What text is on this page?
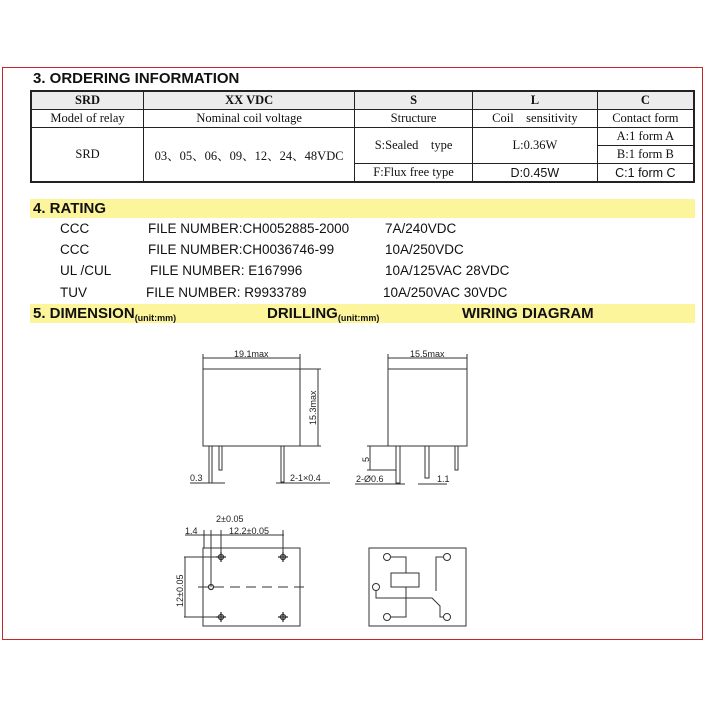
3. ORDERING INFORMATION
SRD	XX VDC	S	L	C
Model of relay	Nominal coil voltage	Structure	Coil    sensitivity	Contact form
SRD	03、05、06、09、12、24、48VDC	S:Sealed    type	L:0.36W	A:1 form A
				B:1 form B
		F:Flux free type	D:0.45W	C:1 form C
4. RATING
CCC	FILE NUMBER:CH0052885-2000	7A/240VDC
CCC	FILE NUMBER:CH0036746-99	10A/250VDC
UL /CUL	FILE NUMBER: E167996	10A/125VAC 28VDC
TUV	FILE NUMBER: R9933789	10A/250VAC 30VDC
5. $DIMENSION_{(unit:mm)}$	$DRILLING_{(unit:mm)}$	WIRING DIAGRAM
19.1max
15.3max
0.3	2-1×0.4
15.5max
5
2-Ø0.6	1.1
2±0.05
1.4	12.2±0.05
12±0.05
